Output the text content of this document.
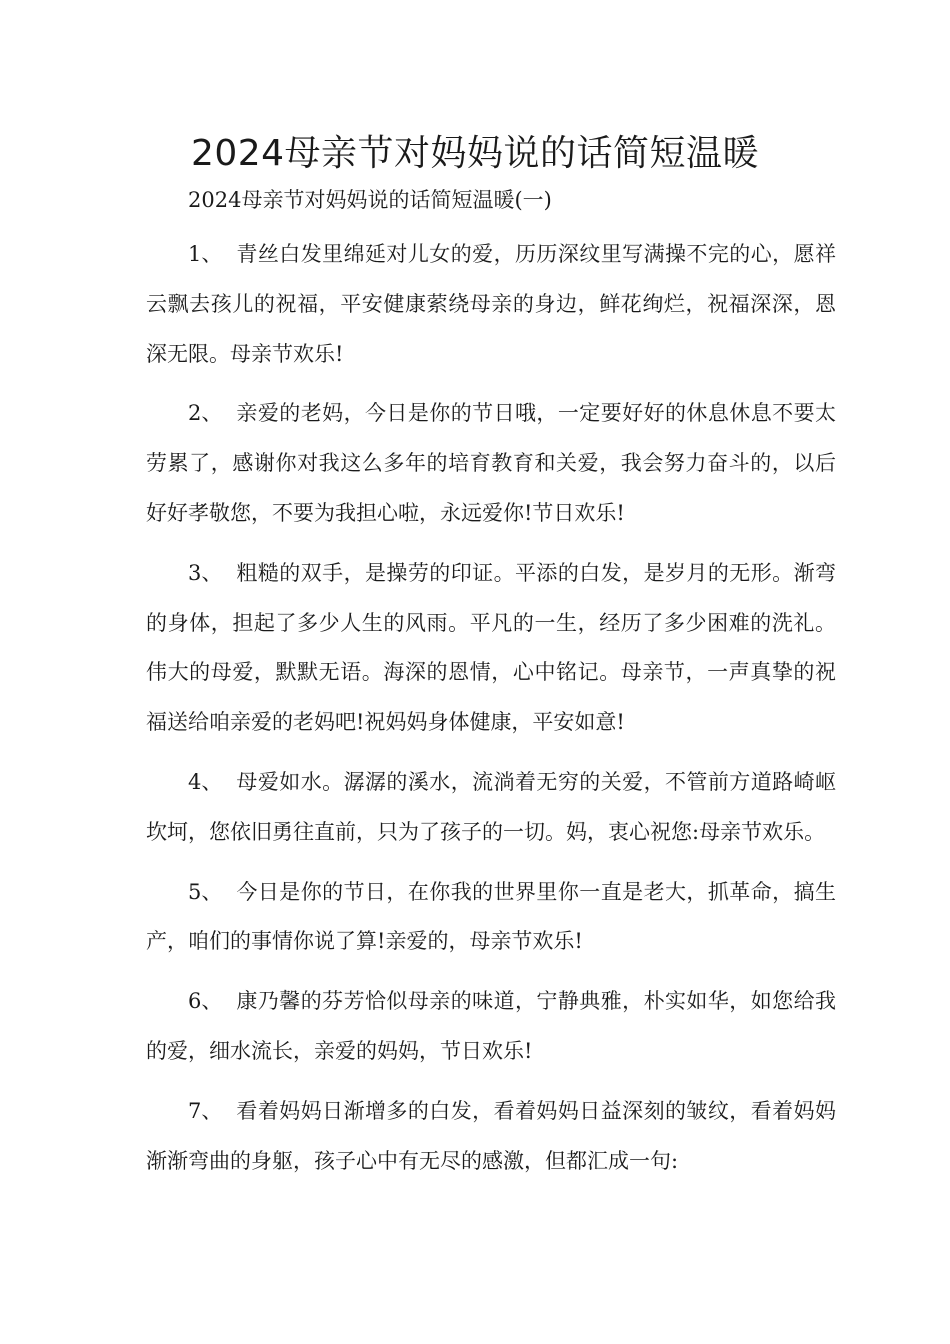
2024母亲节对妈妈说的话简短温暖

2024母亲节对妈妈说的话简短温暖(一)

1、 青丝白发里绵延对儿女的爱，历历深纹里写满操不完的心，愿祥云飘去孩儿的祝福，平安健康萦绕母亲的身边，鲜花绚烂，祝福深深，恩深无限。母亲节欢乐!

2、 亲爱的老妈，今日是你的节日哦，一定要好好的休息休息不要太劳累了，感谢你对我这么多年的培育教育和关爱，我会努力奋斗的，以后好好孝敬您，不要为我担心啦，永远爱你!节日欢乐!

3、 粗糙的双手，是操劳的印证。平添的白发，是岁月的无形。渐弯的身体，担起了多少人生的风雨。平凡的一生，经历了多少困难的洗礼。伟大的母爱，默默无语。海深的恩情，心中铭记。母亲节，一声真挚的祝福送给咱亲爱的老妈吧!祝妈妈身体健康，平安如意!

4、 母爱如水。潺潺的溪水，流淌着无穷的关爱，不管前方道路崎岖坎坷，您依旧勇往直前，只为了孩子的一切。妈，衷心祝您:母亲节欢乐。

5、 今日是你的节日，在你我的世界里你一直是老大，抓革命，搞生产，咱们的事情你说了算!亲爱的，母亲节欢乐!

6、 康乃馨的芬芳恰似母亲的味道，宁静典雅，朴实如华，如您给我的爱，细水流长，亲爱的妈妈，节日欢乐!

7、 看着妈妈日渐增多的白发，看着妈妈日益深刻的皱纹，看着妈妈渐渐弯曲的身躯，孩子心中有无尽的感激，但都汇成一句:
